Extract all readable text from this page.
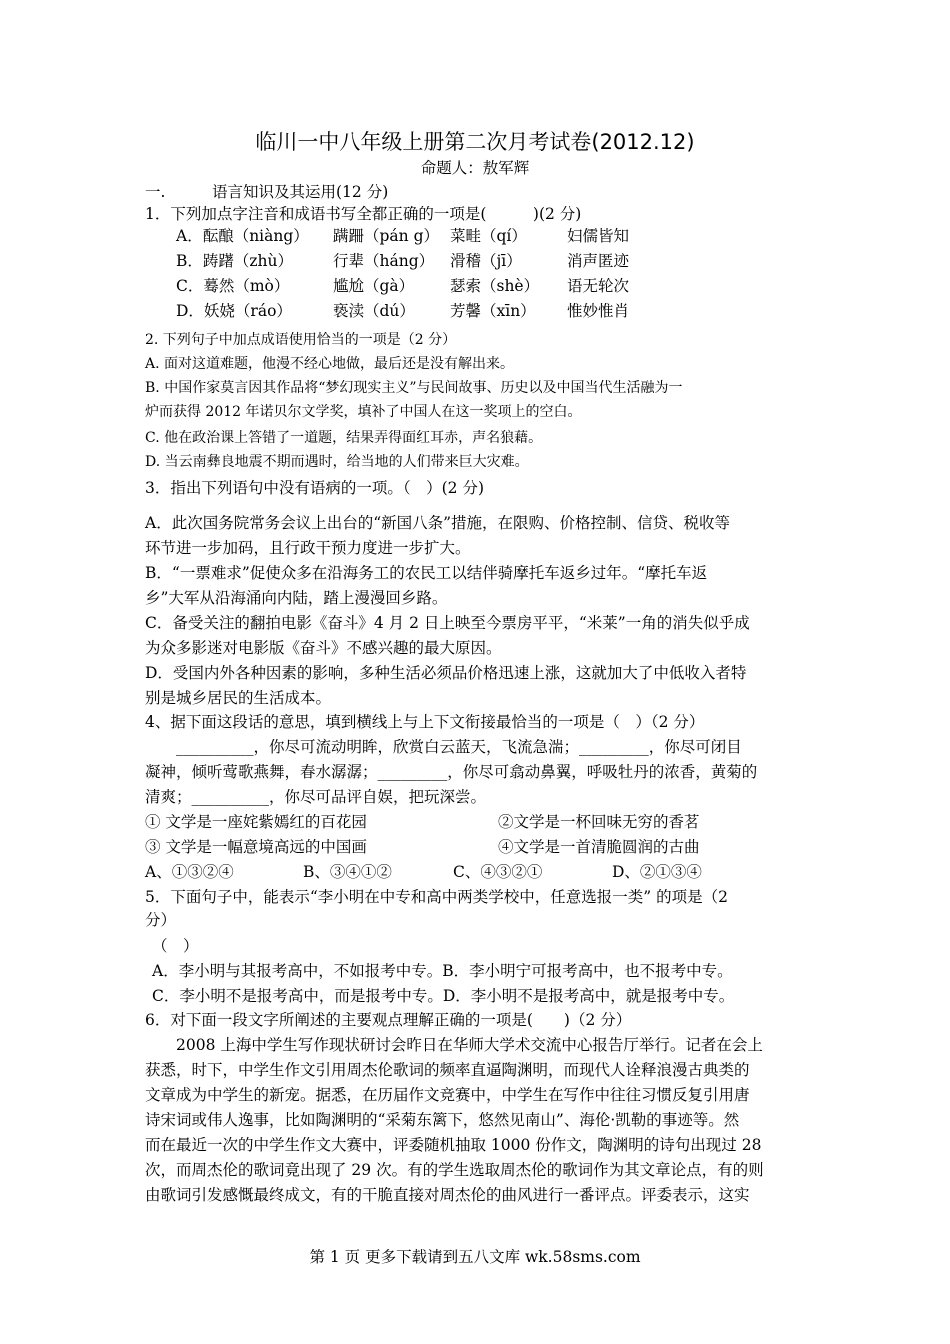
临川一中八年级上册第二次月考试卷(2012.12)
命题人：敖军辉
一.	语言知识及其运用(12 分)
1．下列加点字注音和成语书写全都正确的一项是(　　　)(2 分)
A．酝酿（niàng） 蹒跚（pán g） 菜畦（qí）	妇儒皆知
B．踌躇（zhù）	行辈（háng） 滑稽（jī）	消声匿迹
C．蓦然（mò）	尴尬（gà） 瑟索（shè） 语无轮次
D．妖娆（ráo）	亵渎（dú） 芳馨（xīn） 惟妙惟肖
2. 下列句子中加点成语使用恰当的一项是（2 分）
A. 面对这道难题，他漫不经心地做，最后还是没有解出来。
B. 中国作家莫言因其作品将“梦幻现实主义”与民间故事、历史以及中国当代生活融为一
炉而获得 2012 年诺贝尔文学奖，填补了中国人在这一奖项上的空白。
C. 他在政治课上答错了一道题，结果弄得面红耳赤，声名狼藉。
D. 当云南彝良地震不期而遇时，给当地的人们带来巨大灾难。
3．指出下列语句中没有语病的一项。（　）(2 分)
A．此次国务院常务会议上出台的“新国八条”措施，在限购、价格控制、信贷、税收等
环节进一步加码，且行政干预力度进一步扩大。
B．“一票难求”促使众多在沿海务工的农民工以结伴骑摩托车返乡过年。“摩托车返
乡”大军从沿海涌向内陆，踏上漫漫回乡路。
C．备受关注的翻拍电影《奋斗》4 月 2 日上映至今票房平平，“米莱”一角的消失似乎成
为众多影迷对电影版《奋斗》不感兴趣的最大原因。
D．受国内外各种因素的影响，多种生活必须品价格迅速上涨，这就加大了中低收入者特
别是城乡居民的生活成本。
4、据下面这段话的意思，填到横线上与上下文衔接最恰当的一项是（　）（2 分）
　　__________，你尽可流动明眸，欣赏白云蓝天，飞流急湍；_________，你尽可闭目
凝神，倾听莺歌燕舞，春水潺潺；_________，你尽可翕动鼻翼，呼吸牡丹的浓香，黄菊的
清爽；__________，你尽可品评自娱，把玩深尝。
① 文学是一座姹紫嫣红的百花园	②文学是一杯回味无穷的香茗
③ 文学是一幅意境高远的中国画	④文学是一首清脆圆润的古曲
A、①③②④	B、③④①②	C、④③②①	D、②①③④
5．下面句子中，能表示“李小明在中专和高中两类学校中，任意选报一类” 的项是（2
分）
（　）
A．李小明与其报考高中，不如报考中专。B．李小明宁可报考高中，也不报考中专。
C．李小明不是报考高中，而是报考中专。D．李小明不是报考高中，就是报考中专。
6．对下面一段文字所阐述的主要观点理解正确的一项是(　　)（2 分）
　　2008 上海中学生写作现状研讨会昨日在华师大学术交流中心报告厅举行。记者在会上
获悉，时下，中学生作文引用周杰伦歌词的频率直逼陶渊明，而现代人诠释浪漫古典类的
文章成为中学生的新宠。据悉，在历届作文竞赛中，中学生在写作中往往习惯反复引用唐
诗宋词或伟人逸事，比如陶渊明的“采菊东篱下，悠然见南山”、海伦·凯勒的事迹等。然
而在最近一次的中学生作文大赛中，评委随机抽取 1000 份作文，陶渊明的诗句出现过 28
次，而周杰伦的歌词竟出现了 29 次。有的学生选取周杰伦的歌词作为其文章论点，有的则
由歌词引发感慨最终成文，有的干脆直接对周杰伦的曲风进行一番评点。评委表示，这实
第 1 页 更多下载请到五八文库 wk.58sms.com
